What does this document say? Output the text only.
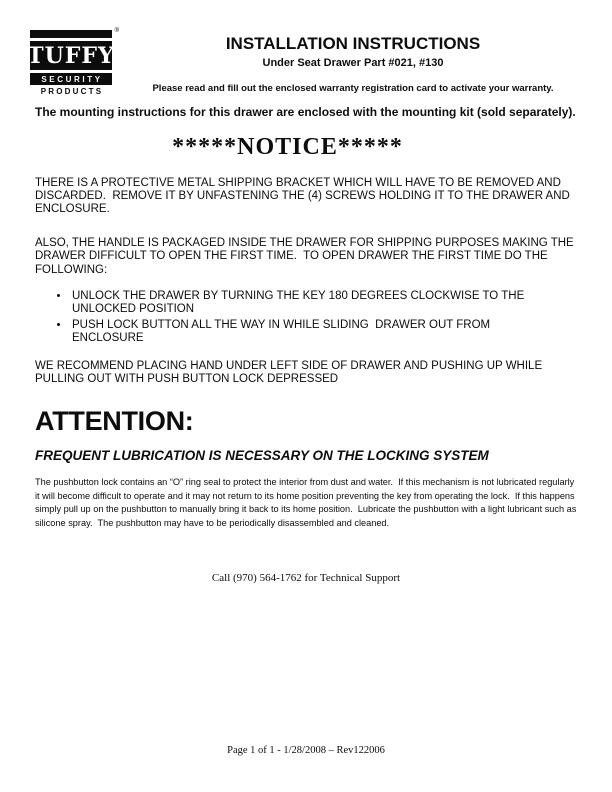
®
TUFFY
SECURITY
PRODUCTS
INSTALLATION INSTRUCTIONS
Under Seat Drawer Part #021, #130
Please read and fill out the enclosed warranty registration card to activate your warranty.
The mounting instructions for this drawer are enclosed with the mounting kit (sold separately).
*****NOTICE*****
THERE IS A PROTECTIVE METAL SHIPPING BRACKET WHICH WILL HAVE TO BE REMOVED AND DISCARDED.  REMOVE IT BY UNFASTENING THE (4) SCREWS HOLDING IT TO THE DRAWER AND ENCLOSURE.
ALSO, THE HANDLE IS PACKAGED INSIDE THE DRAWER FOR SHIPPING PURPOSES MAKING THE DRAWER DIFFICULT TO OPEN THE FIRST TIME.  TO OPEN DRAWER THE FIRST TIME DO THE FOLLOWING:
• UNLOCK THE DRAWER BY TURNING THE KEY 180 DEGREES CLOCKWISE TO THE UNLOCKED POSITION
• PUSH LOCK BUTTON ALL THE WAY IN WHILE SLIDING  DRAWER OUT FROM ENCLOSURE
WE RECOMMEND PLACING HAND UNDER LEFT SIDE OF DRAWER AND PUSHING UP WHILE PULLING OUT WITH PUSH BUTTON LOCK DEPRESSED
ATTENTION:
FREQUENT LUBRICATION IS NECESSARY ON THE LOCKING SYSTEM
The pushbutton lock contains an “O” ring seal to protect the interior from dust and water.  If this mechanism is not lubricated regularly it will become difficult to operate and it may not return to its home position preventing the key from operating the lock.  If this happens simply pull up on the pushbutton to manually bring it back to its home position.  Lubricate the pushbutton with a light lubricant such as silicone spray.  The pushbutton may have to be periodically disassembled and cleaned.
Call (970) 564-1762 for Technical Support
Page 1 of 1 - 1/28/2008 – Rev122006
